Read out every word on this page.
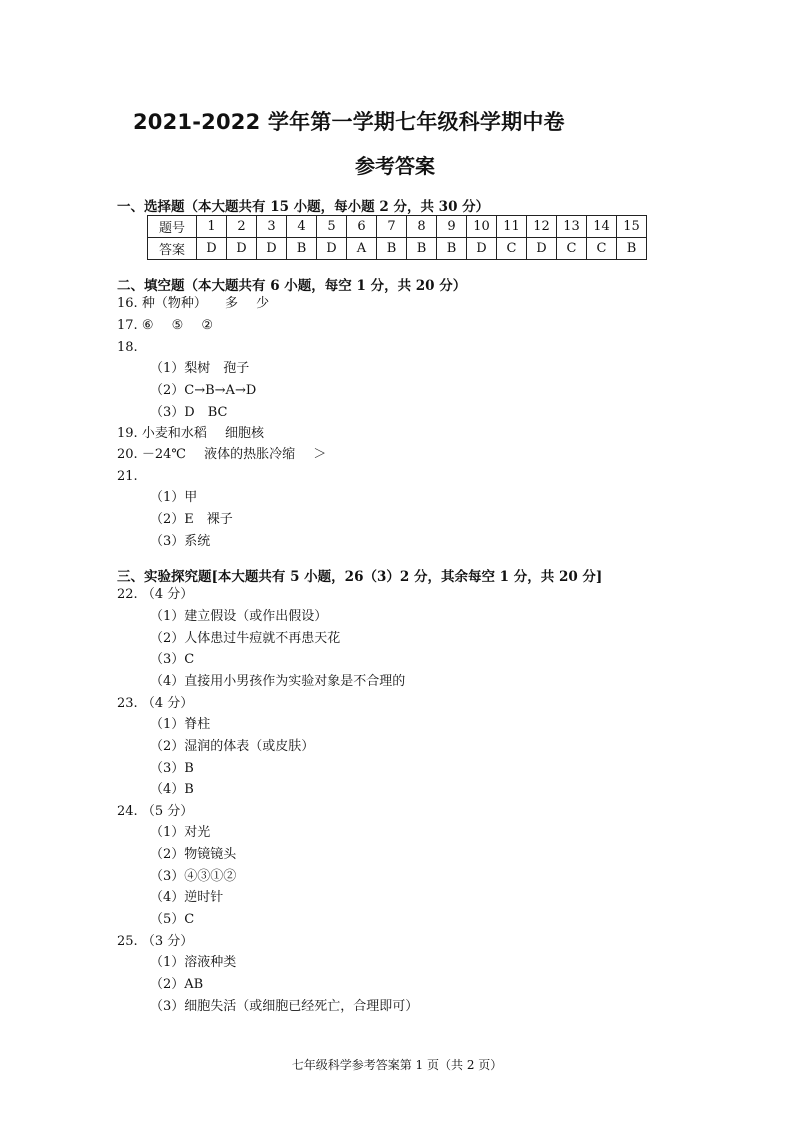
2021-2022 学年第一学期七年级科学期中卷
参考答案
一、选择题（本大题共有 15 小题，每小题 2 分，共 30 分）
题号	1	2	3	4	5	6	7	8	9	10	11	12	13	14	15
答案	D	D	D	B	D	A	B	B	B	D	C	D	C	C	B
二、填空题（本大题共有 6 小题，每空 1 分，共 20 分）
16. 种（物种） 多 少
17. ⑥ ⑤ ②
18.
（1）梨树　孢子
（2）C→B→A→D
（3）D　BC
19. 小麦和水稻 细胞核
20. －24℃ 液体的热胀冷缩 ＞
21.
（1）甲
（2）E　裸子
（3）系统
三、实验探究题[本大题共有 5 小题，26（3）2 分，其余每空 1 分，共 20 分]
22. （4 分）
（1）建立假设（或作出假设）
（2）人体患过牛痘就不再患天花
（3）C
（4）直接用小男孩作为实验对象是不合理的
23. （4 分）
（1）脊柱
（2）湿润的体表（或皮肤）
（3）B
（4）B
24. （5 分）
（1）对光
（2）物镜镜头
（3）④③①②
（4）逆时针
（5）C
25. （3 分）
（1）溶液种类
（2）AB
（3）细胞失活（或细胞已经死亡，合理即可）
七年级科学参考答案第 1 页（共 2 页）
